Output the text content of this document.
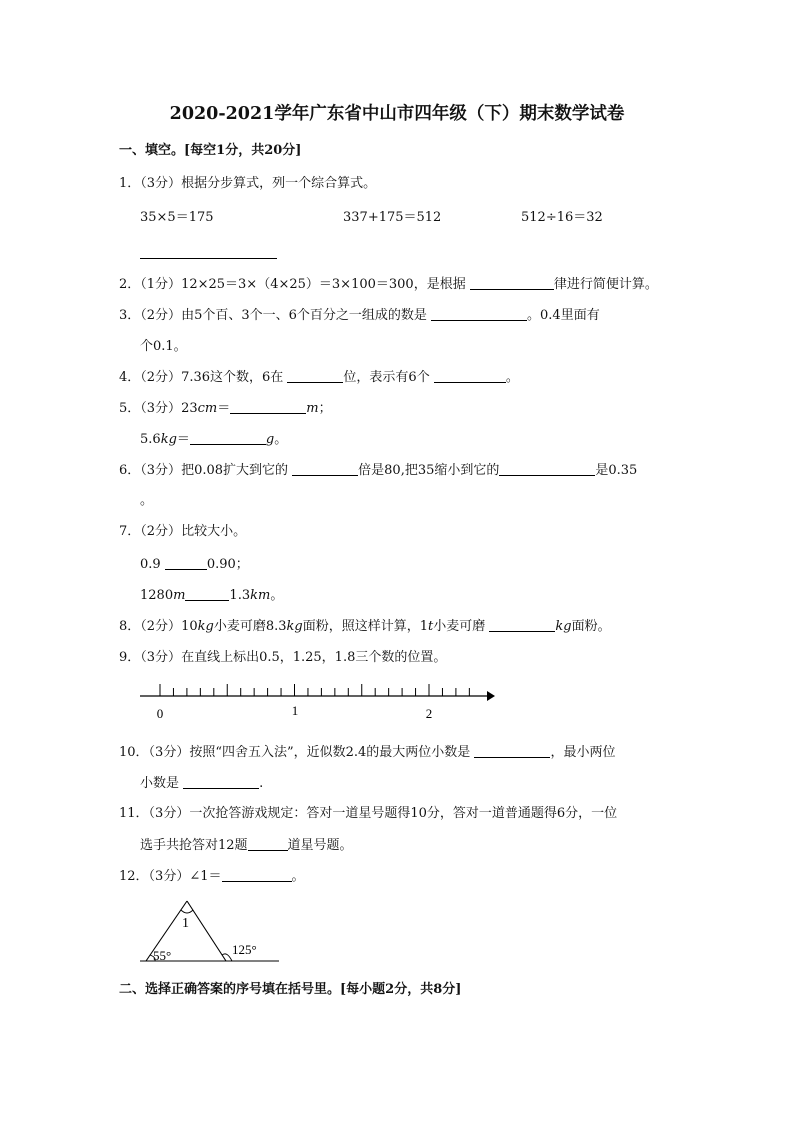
2020-2021学年广东省中山市四年级（下）期末数学试卷
一、填空。[每空1分，共20分]
1．（3分）根据分步算式，列一个综合算式。
35×5＝175	337+175＝512	512÷16＝32
2．（1分）12×25＝3×（4×25）＝3×100＝300，是根据	律进行简便计算。
3．（2分）由5个百、3个一、6个百分之一组成的数是	。0.4里面有
个0.1。
4．（2分）7.36这个数，6在	位，表示有6个	。
5．（3分）23cm＝	m；
5.6kg＝	g。
6．（3分）把0.08扩大到它的	倍是80,把35缩小到它的	是0.35
。
7．（2分）比较大小。
0.9	0.90；
1280m	1.3km。
8．（2分）10kg小麦可磨8.3kg面粉，照这样计算，1t小麦可磨	kg面粉。
9．（3分）在直线上标出0.5，1.25，1.8三个数的位置。
0	1	2
10．（3分）按照“四舍五入法”，近似数2.4的最大两位小数是	，最小两位
小数是	.
11．（3分）一次抢答游戏规定：答对一道星号题得10分，答对一道普通题得6分，一位
选手共抢答对12题	道星号题。
12．（3分）∠1＝	。
1
55°	125°
二、选择正确答案的序号填在括号里。[每小题2分，共8分]
